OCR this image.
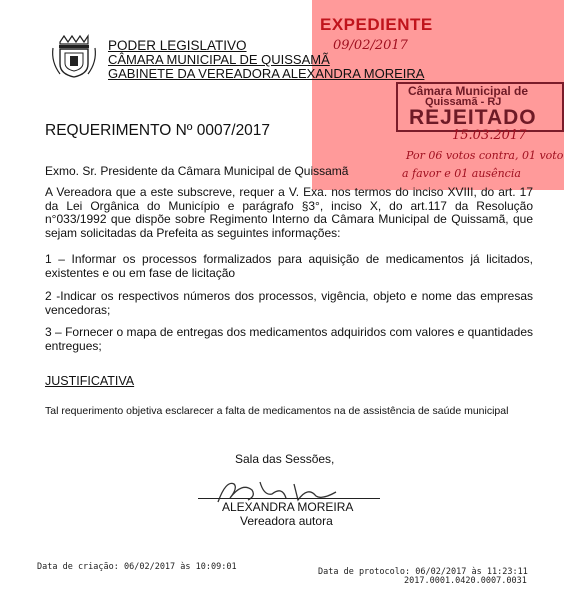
PODER LEGISLATIVO
CÂMARA MUNICIPAL DE QUISSAMÃ
GABINETE DA VEREADORA ALEXANDRA MOREIRA
EXPEDIENTE
09/02/2017
Câmara Municipal de
Quissamã - RJ
REJEITADO
15.03.2017
Por 06 votos contra, 01 voto
a favor e 01 ausência
REQUERIMENTO Nº 0007/2017
Exmo. Sr. Presidente da Câmara Municipal de Quissamã
A Vereadora que a este subscreve, requer a V. Exa. nos termos do inciso XVIII, do art. 17 da Lei Orgânica do Município e parágrafo §3°, inciso X, do art.117 da Resolução n°033/1992 que dispõe sobre Regimento Interno da Câmara Municipal de Quissamã, que sejam solicitadas da Prefeita as seguintes informações:
1 – Informar os processos formalizados para aquisição de medicamentos já licitados, existentes e ou em fase de licitação
2 -Indicar os respectivos números dos processos, vigência, objeto e nome das empresas vencedoras;
3 – Fornecer o mapa de entregas dos medicamentos adquiridos com valores e quantidades entregues;
JUSTIFICATIVA
Tal requerimento objetiva esclarecer a falta de medicamentos na de assistência de saúde municipal
Sala das Sessões,
ALEXANDRA MOREIRA
Vereadora autora
Data de criação: 06/02/2017 às 10:09:01	Data de protocolo: 06/02/2017 às 11:23:11
2017.0001.0420.0007.0031
